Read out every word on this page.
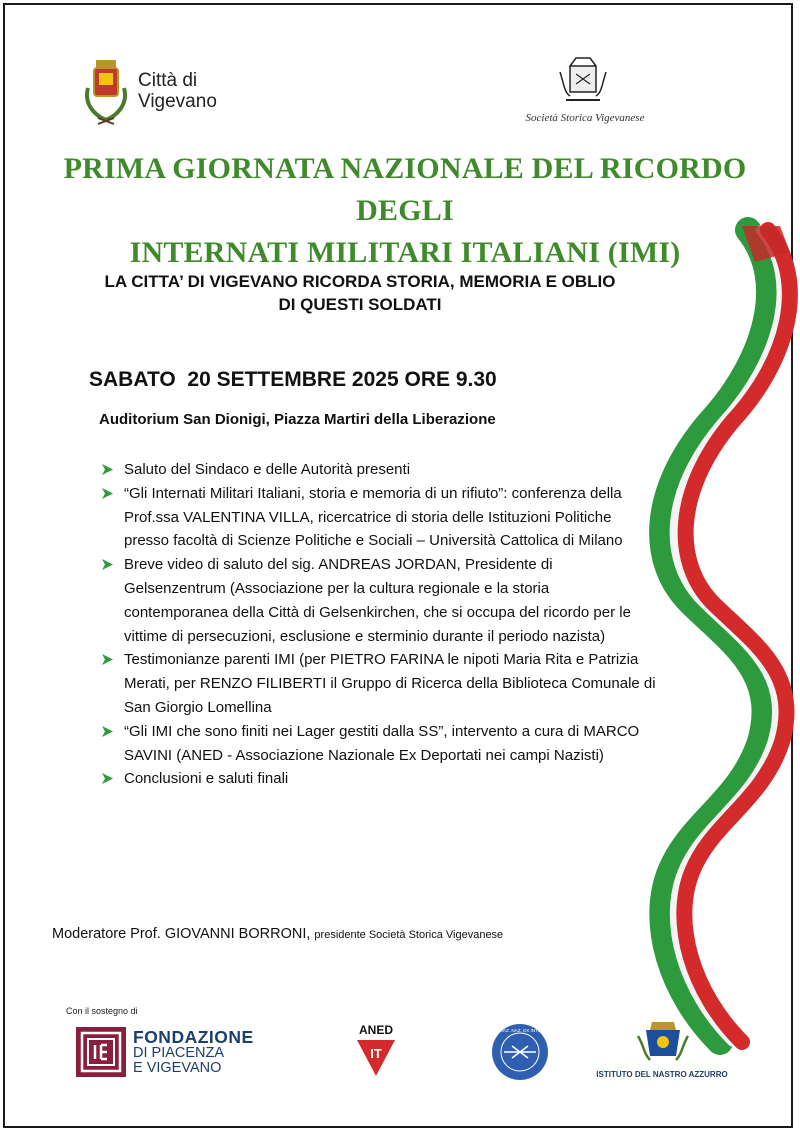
Città di
Vigevano
Società Storica Vigevanese
PRIMA GIORNATA NAZIONALE DEL RICORDO DEGLI
INTERNATI MILITARI ITALIANI (IMI)
LA CITTA’ DI VIGEVANO RICORDA STORIA, MEMORIA E OBLIO
DI QUESTI SOLDATI
SABATO  20 SETTEMBRE 2025 ORE 9.30
Auditorium San Dionigi, Piazza Martiri della Liberazione
Saluto del Sindaco e delle Autorità presenti
“Gli Internati Militari Italiani, storia e memoria di un rifiuto”: conferenza della Prof.ssa VALENTINA VILLA, ricercatrice di storia delle Istituzioni Politiche presso facoltà di Scienze Politiche e Sociali – Università Cattolica di Milano
Breve video di saluto del sig. ANDREAS JORDAN, Presidente di Gelsenzentrum (Associazione per la cultura regionale e la storia contemporanea della Città di Gelsenkirchen, che si occupa del ricordo per le vittime di persecuzioni, esclusione e sterminio durante il periodo nazista)
Testimonianze parenti IMI (per PIETRO FARINA le nipoti Maria Rita e Patrizia Merati, per RENZO FILIBERTI il Gruppo di Ricerca della Biblioteca Comunale di San Giorgio Lomellina
“Gli IMI che sono finiti nei Lager gestiti dalla SS”, intervento a cura di MARCO SAVINI (ANED - Associazione Nazionale Ex Deportati nei campi Nazisti)
Conclusioni e saluti finali
Moderatore Prof. GIOVANNI BORRONI, presidente Società Storica Vigevanese
Con il sostegno di
FONDAZIONE
DI PIACENZA
E VIGEVANO
ANED
IT
ASSOCIAZ. NAZ. EX INTERNATI
ISTITUTO DEL NASTRO AZZURRO
